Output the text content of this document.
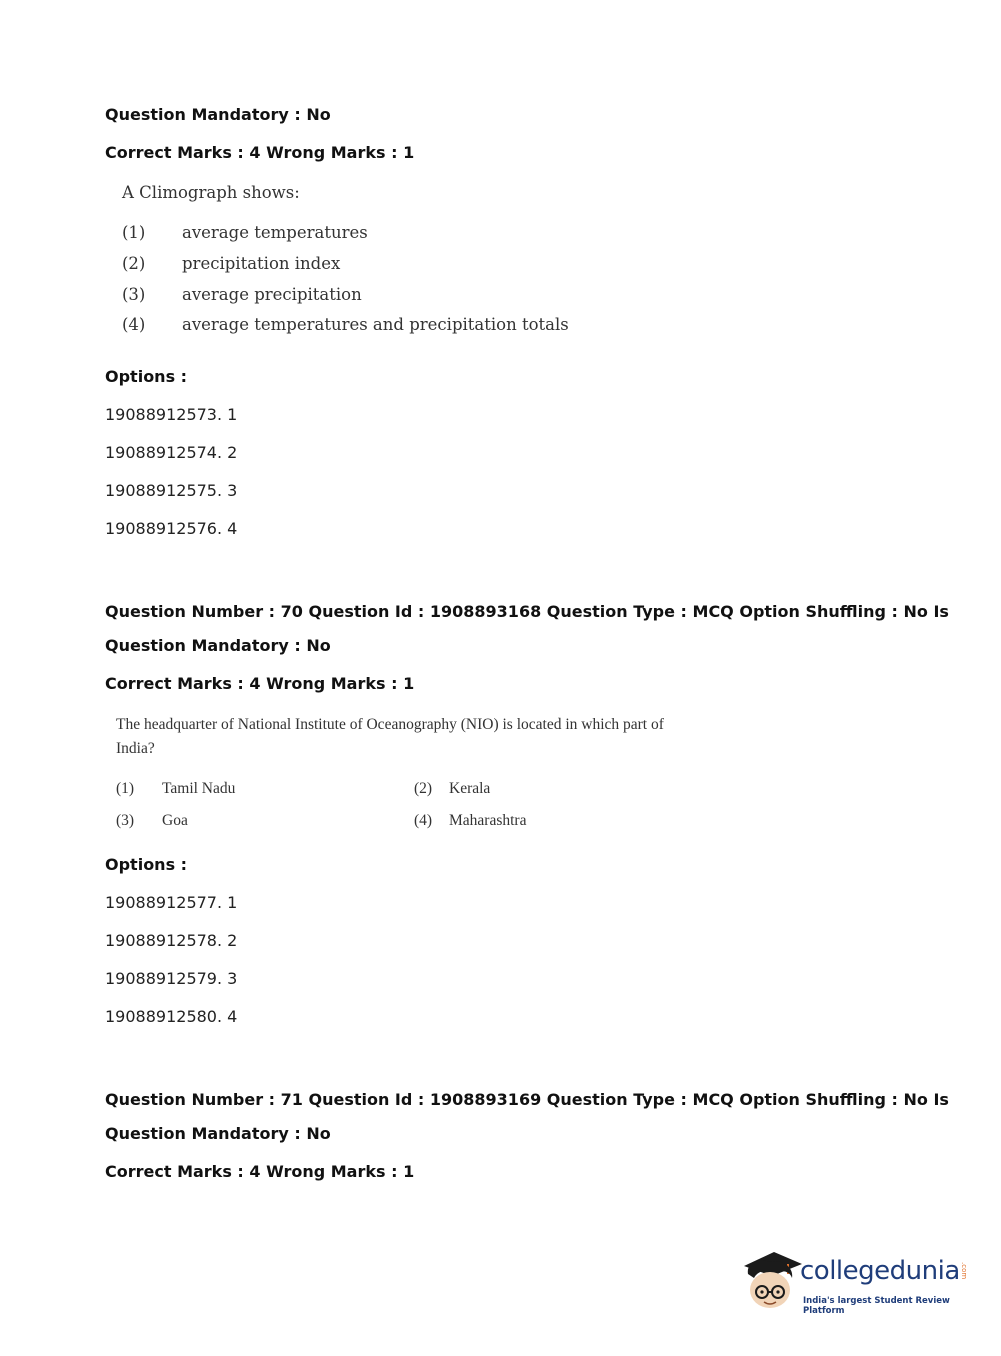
Question Mandatory : No
Correct Marks : 4 Wrong Marks : 1
A Climograph shows:
(1) average temperatures
(2) precipitation index
(3) average precipitation
(4) average temperatures and precipitation totals
Options :
19088912573. 1
19088912574. 2
19088912575. 3
19088912576. 4
Question Number : 70 Question Id : 1908893168 Question Type : MCQ Option Shuffling : No Is
Question Mandatory : No
Correct Marks : 4 Wrong Marks : 1
The headquarter of National Institute of Oceanography (NIO) is located in which part of
India?
(1) Tamil Nadu	(2) Kerala
(3) Goa	(4) Maharashtra
Options :
19088912577. 1
19088912578. 2
19088912579. 3
19088912580. 4
Question Number : 71 Question Id : 1908893169 Question Type : MCQ Option Shuffling : No Is
Question Mandatory : No
Correct Marks : 4 Wrong Marks : 1
collegedunia .com
India's largest Student Review Platform
